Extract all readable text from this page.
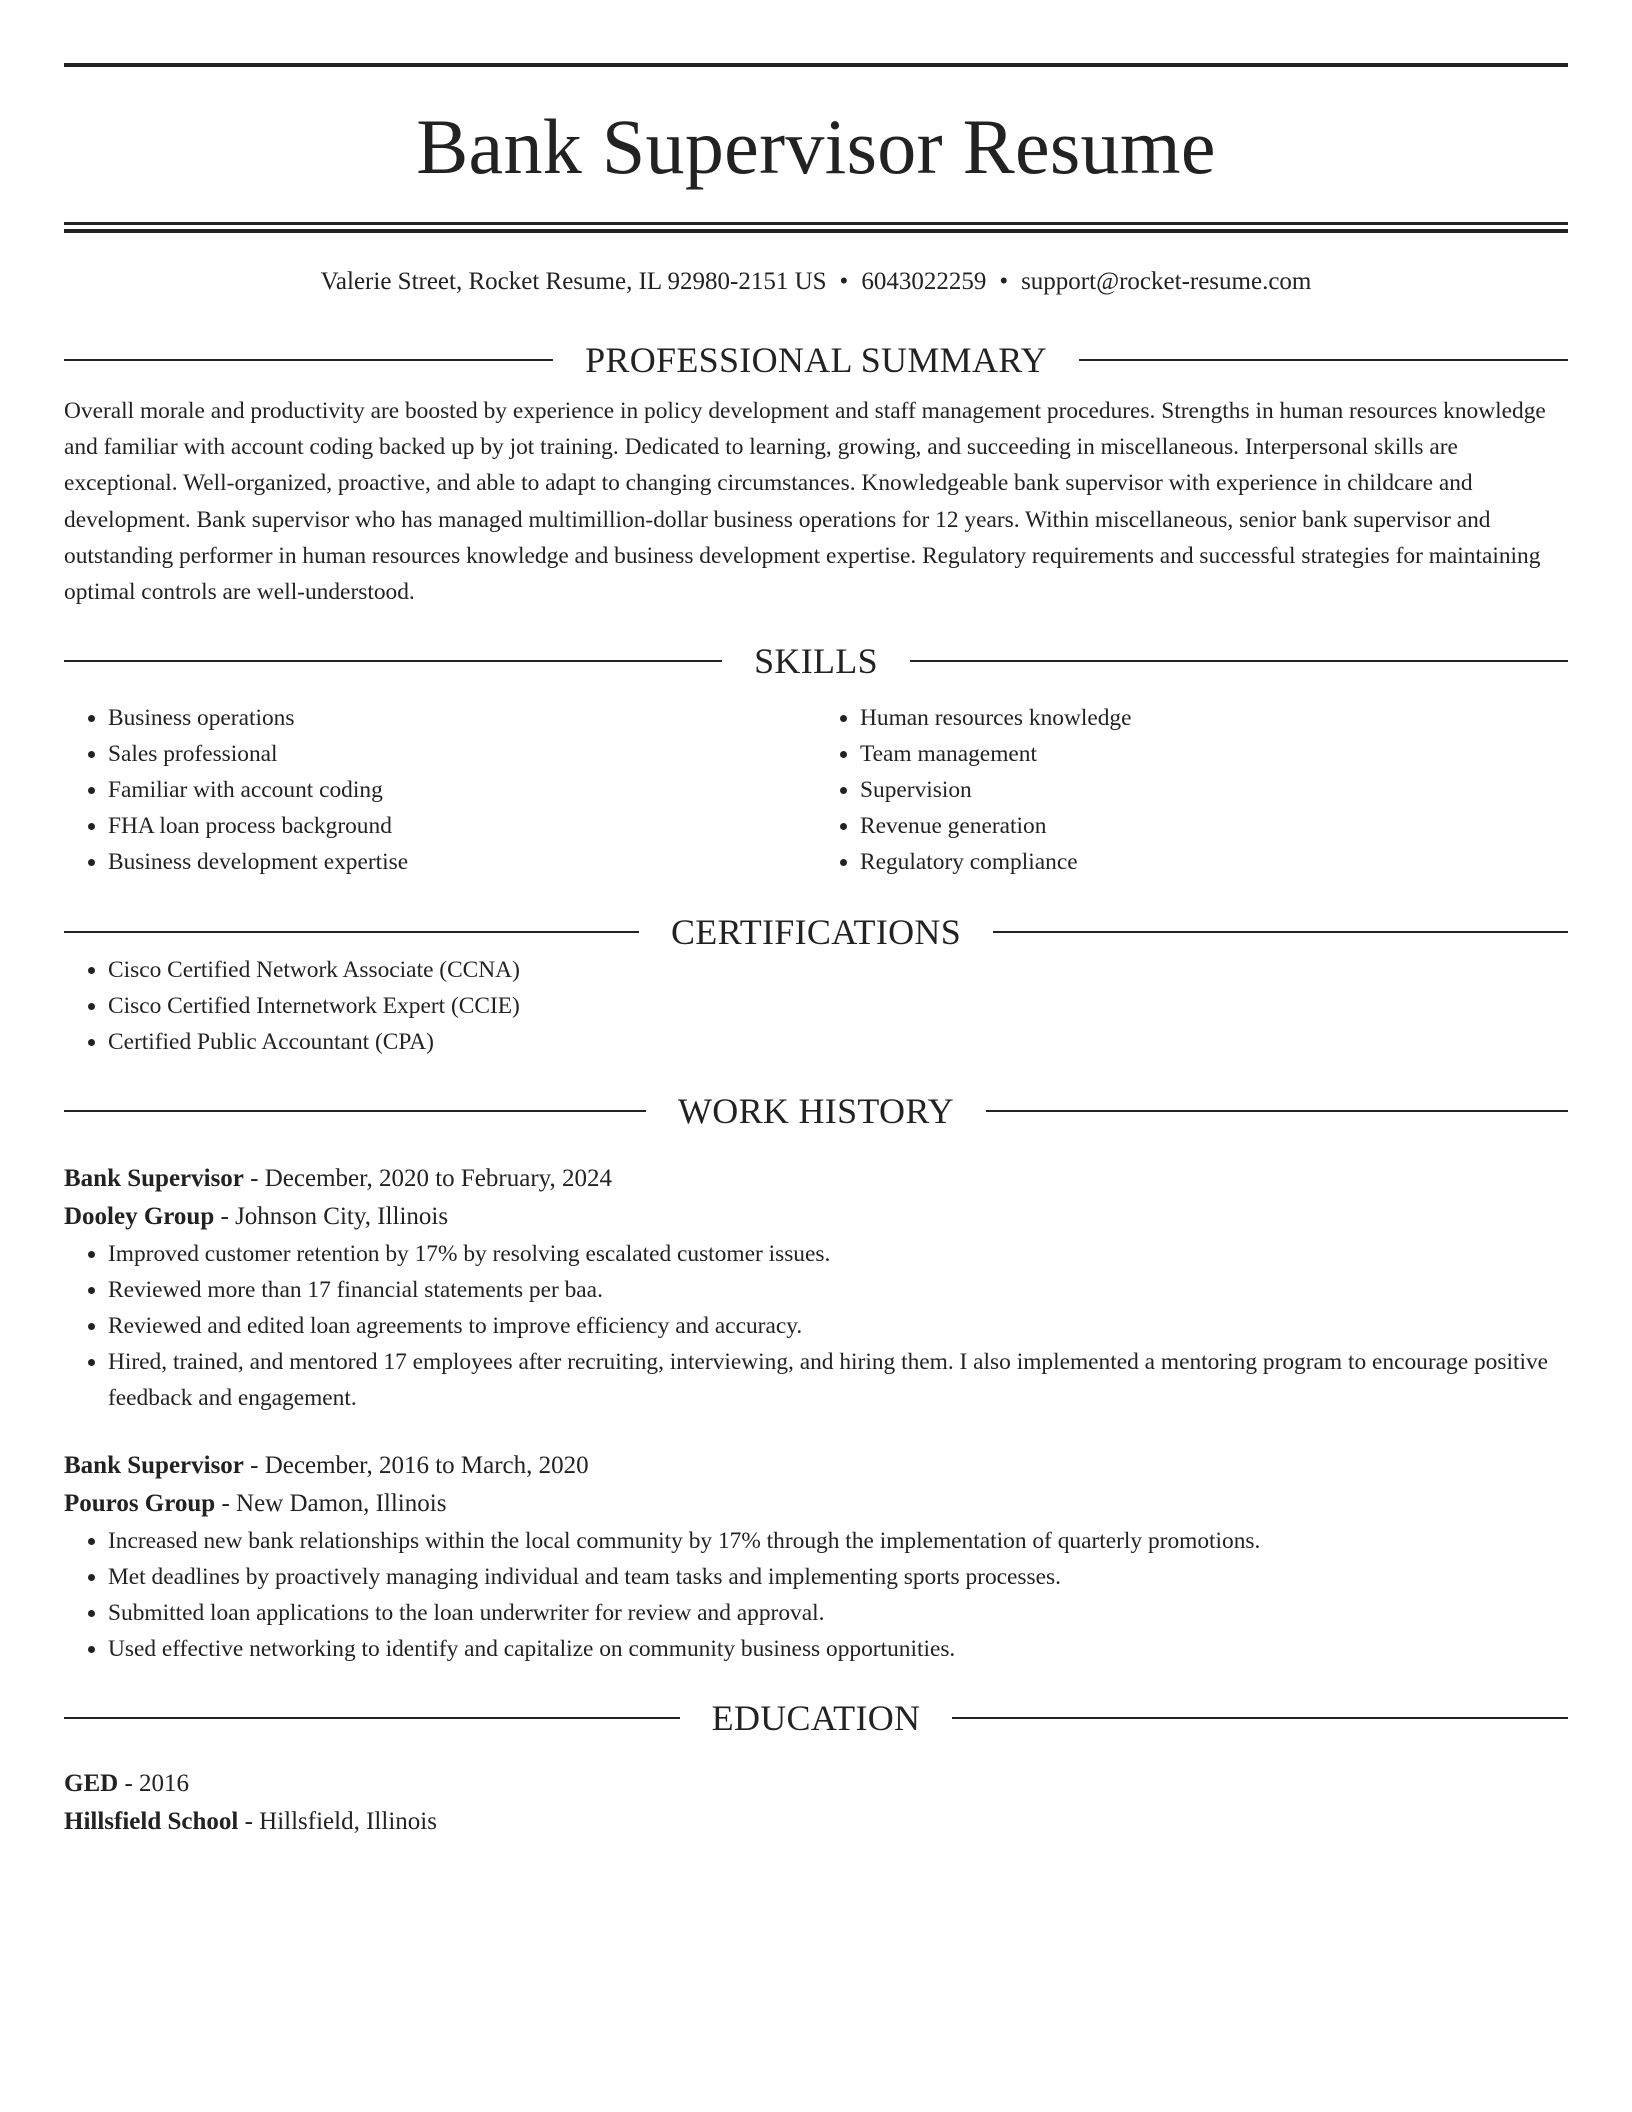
Bank Supervisor Resume
Valerie Street, Rocket Resume, IL 92980-2151 US • 6043022259 • support@rocket-resume.com
PROFESSIONAL SUMMARY

Overall morale and productivity are boosted by experience in policy development and staff management procedures. Strengths in human resources knowledge and familiar with account coding backed up by jot training. Dedicated to learning, growing, and succeeding in miscellaneous. Interpersonal skills are exceptional. Well-organized, proactive, and able to adapt to changing circumstances. Knowledgeable bank supervisor with experience in childcare and development. Bank supervisor who has managed multimillion-dollar business operations for 12 years. Within miscellaneous, senior bank supervisor and outstanding performer in human resources knowledge and business development expertise. Regulatory requirements and successful strategies for maintaining optimal controls are well-understood.

SKILLS
• Business operations
• Sales professional
• Familiar with account coding
• FHA loan process background
• Business development expertise
• Human resources knowledge
• Team management
• Supervision
• Revenue generation
• Regulatory compliance
CERTIFICATIONS
• Cisco Certified Network Associate (CCNA)
• Cisco Certified Internetwork Expert (CCIE)
• Certified Public Accountant (CPA)
WORK HISTORY

Bank Supervisor - December, 2020 to February, 2024

Dooley Group - Johnson City, Illinois

• Improved customer retention by 17% by resolving escalated customer issues.
• Reviewed more than 17 financial statements per baa.
• Reviewed and edited loan agreements to improve efficiency and accuracy.
• Hired, trained, and mentored 17 employees after recruiting, interviewing, and hiring them. I also implemented a mentoring program to encourage positive feedback and engagement.

Bank Supervisor - December, 2016 to March, 2020

Pouros Group - New Damon, Illinois

• Increased new bank relationships within the local community by 17% through the implementation of quarterly promotions.
• Met deadlines by proactively managing individual and team tasks and implementing sports processes.
• Submitted loan applications to the loan underwriter for review and approval.
• Used effective networking to identify and capitalize on community business opportunities.
EDUCATION

GED - 2016

Hillsfield School - Hillsfield, Illinois
